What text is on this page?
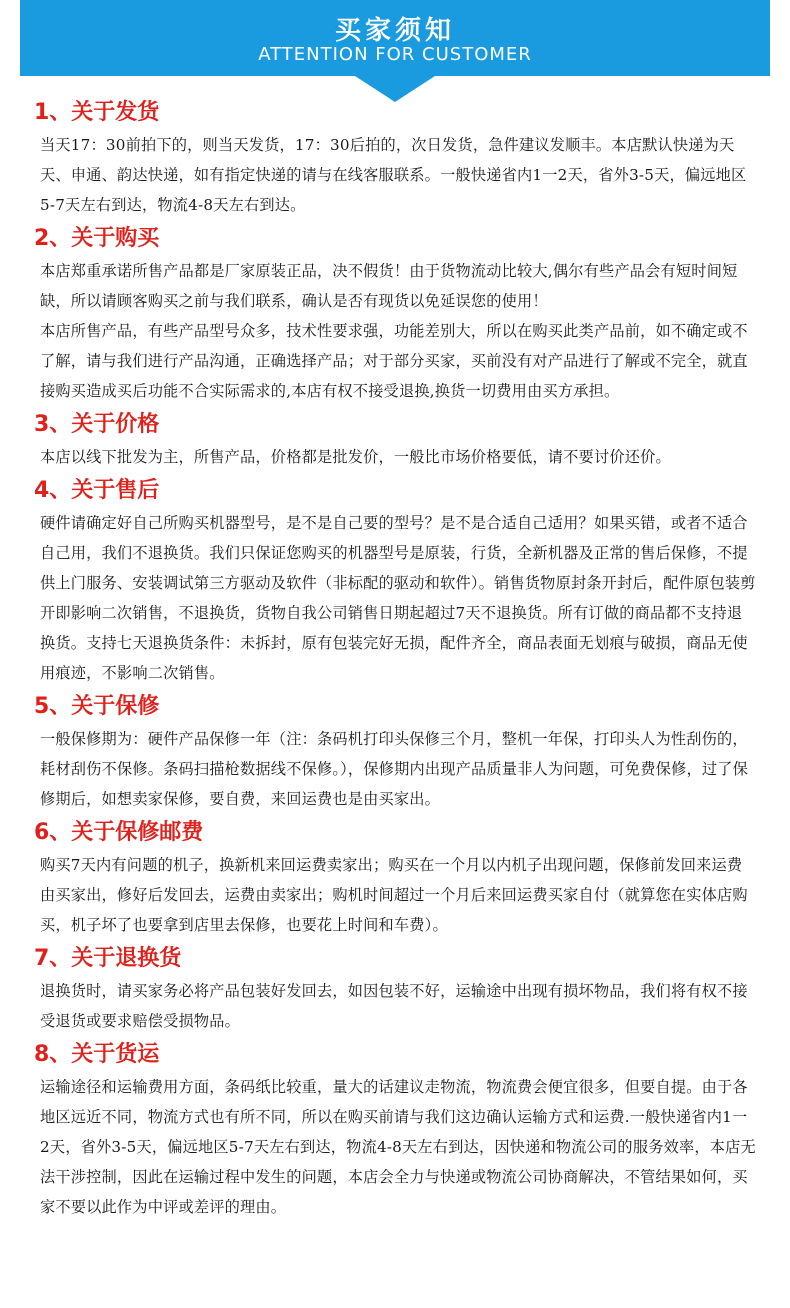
买家须知
ATTENTION FOR CUSTOMER
1、关于发货

当天17：30前拍下的，则当天发货，17：30后拍的，次日发货，急件建议发顺丰。本店默认快递为天天、申通、韵达快递，如有指定快递的请与在线客服联系。一般快递省内1一2天，省外3-5天，偏远地区5-7天左右到达，物流4-8天左右到达。

2、关于购买

本店郑重承诺所售产品都是厂家原装正品，决不假货！由于货物流动比较大,偶尔有些产品会有短时间短缺，所以请顾客购买之前与我们联系，确认是否有现货以免延误您的使用！

本店所售产品，有些产品型号众多，技术性要求强，功能差别大，所以在购买此类产品前，如不确定或不了解，请与我们进行产品沟通，正确选择产品；对于部分买家，买前没有对产品进行了解或不完全，就直接购买造成买后功能不合实际需求的,本店有权不接受退换,换货一切费用由买方承担。

3、关于价格

本店以线下批发为主，所售产品，价格都是批发价，一般比市场价格要低，请不要讨价还价。

4、关于售后

硬件请确定好自己所购买机器型号，是不是自己要的型号？是不是合适自己适用？如果买错，或者不适合自己用，我们不退换货。我们只保证您购买的机器型号是原装，行货，全新机器及正常的售后保修，不提供上门服务、安装调试第三方驱动及软件（非标配的驱动和软件）。销售货物原封条开封后，配件原包装剪开即影响二次销售，不退换货，货物自我公司销售日期起超过7天不退换货。所有订做的商品都不支持退换货。支持七天退换货条件：未拆封，原有包装完好无损，配件齐全，商品表面无划痕与破损，商品无使用痕迹，不影响二次销售。

5、关于保修

一般保修期为：硬件产品保修一年（注：条码机打印头保修三个月，整机一年保，打印头人为性刮伤的，耗材刮伤不保修。条码扫描枪数据线不保修。），保修期内出现产品质量非人为问题，可免费保修，过了保修期后，如想卖家保修，要自费，来回运费也是由买家出。

6、关于保修邮费

购买7天内有问题的机子，换新机来回运费卖家出；购买在一个月以内机子出现问题，保修前发回来运费由买家出，修好后发回去，运费由卖家出；购机时间超过一个月后来回运费买家自付（就算您在实体店购买，机子坏了也要拿到店里去保修，也要花上时间和车费）。

7、关于退换货

退换货时，请买家务必将产品包装好发回去，如因包装不好，运输途中出现有损坏物品，我们将有权不接受退货或要求赔偿受损物品。

8、关于货运

运输途径和运输费用方面，条码纸比较重，量大的话建议走物流，物流费会便宜很多，但要自提。由于各地区远近不同，物流方式也有所不同，所以在购买前请与我们这边确认运输方式和运费.一般快递省内1一2天，省外3-5天，偏远地区5-7天左右到达，物流4-8天左右到达，因快递和物流公司的服务效率，本店无法干涉控制，因此在运输过程中发生的问题，本店会全力与快递或物流公司协商解决，不管结果如何，买家不要以此作为中评或差评的理由。
